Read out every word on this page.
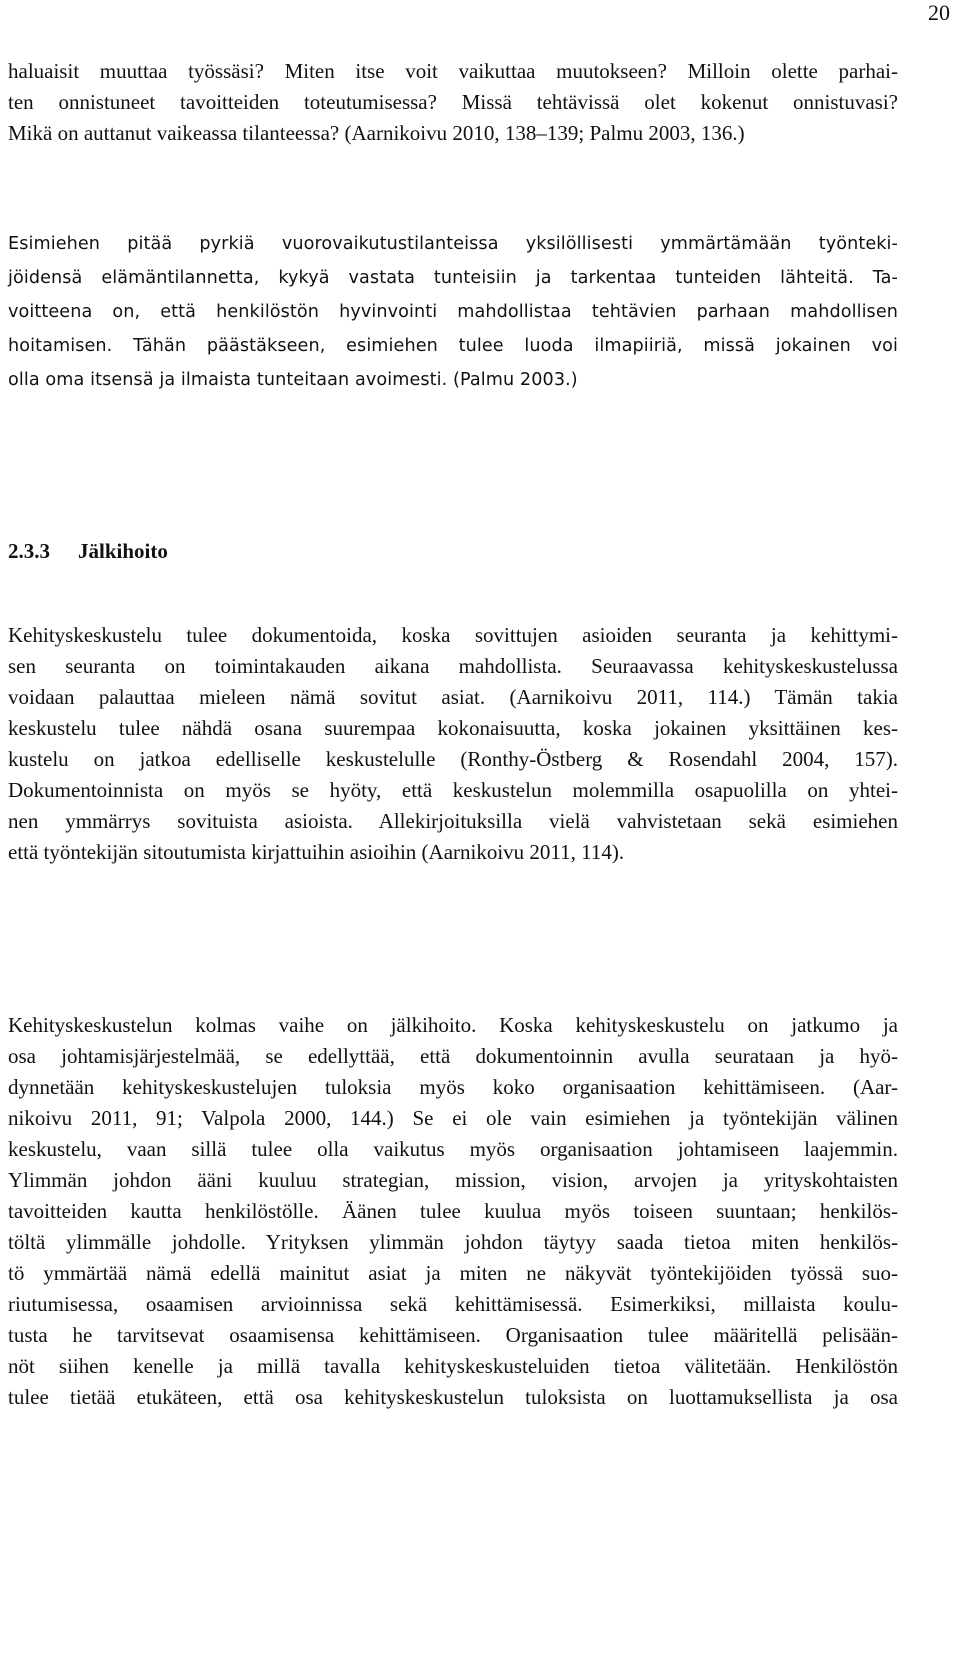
20
haluaisit muuttaa työssäsi? Miten itse voit vaikuttaa muutokseen? Milloin olette parhai-
ten onnistuneet tavoitteiden toteutumisessa? Missä tehtävissä olet kokenut onnistuvasi?
Mikä on auttanut vaikeassa tilanteessa? (Aarnikoivu 2010, 138–139; Palmu 2003, 136.)
Esimiehen pitää pyrkiä vuorovaikutustilanteissa yksilöllisesti ymmärtämään työnteki-
jöidensä elämäntilannetta, kykyä vastata tunteisiin ja tarkentaa tunteiden lähteitä. Ta-
voitteena on, että henkilöstön hyvinvointi mahdollistaa tehtävien parhaan mahdollisen
hoitamisen. Tähän päästäkseen, esimiehen tulee luoda ilmapiiriä, missä jokainen voi
olla oma itsensä ja ilmaista tunteitaan avoimesti. (Palmu 2003.)
2.3.3 Jälkihoito
Kehityskeskustelu tulee dokumentoida, koska sovittujen asioiden seuranta ja kehittymi-
sen seuranta on toimintakauden aikana mahdollista. Seuraavassa kehityskeskustelussa
voidaan palauttaa mieleen nämä sovitut asiat. (Aarnikoivu 2011, 114.) Tämän takia
keskustelu tulee nähdä osana suurempaa kokonaisuutta, koska jokainen yksittäinen kes-
kustelu on jatkoa edelliselle keskustelulle (Ronthy-Östberg & Rosendahl 2004, 157).
Dokumentoinnista on myös se hyöty, että keskustelun molemmilla osapuolilla on yhtei-
nen ymmärrys sovituista asioista. Allekirjoituksilla vielä vahvistetaan sekä esimiehen
että työntekijän sitoutumista kirjattuihin asioihin (Aarnikoivu 2011, 114).
Kehityskeskustelun kolmas vaihe on jälkihoito. Koska kehityskeskustelu on jatkumo ja
osa johtamisjärjestelmää, se edellyttää, että dokumentoinnin avulla seurataan ja hyö-
dynnetään kehityskeskustelujen tuloksia myös koko organisaation kehittämiseen. (Aar-
nikoivu 2011, 91; Valpola 2000, 144.) Se ei ole vain esimiehen ja työntekijän välinen
keskustelu, vaan sillä tulee olla vaikutus myös organisaation johtamiseen laajemmin.
Ylimmän johdon ääni kuuluu strategian, mission, vision, arvojen ja yrityskohtaisten
tavoitteiden kautta henkilöstölle. Äänen tulee kuulua myös toiseen suuntaan; henkilös-
töltä ylimmälle johdolle. Yrityksen ylimmän johdon täytyy saada tietoa miten henkilös-
tö ymmärtää nämä edellä mainitut asiat ja miten ne näkyvät työntekijöiden työssä suo-
riutumisessa, osaamisen arvioinnissa sekä kehittämisessä. Esimerkiksi, millaista koulu-
tusta he tarvitsevat osaamisensa kehittämiseen. Organisaation tulee määritellä pelisään-
nöt siihen kenelle ja millä tavalla kehityskeskusteluiden tietoa välitetään. Henkilöstön
tulee tietää etukäteen, että osa kehityskeskustelun tuloksista on luottamuksellista ja osa
